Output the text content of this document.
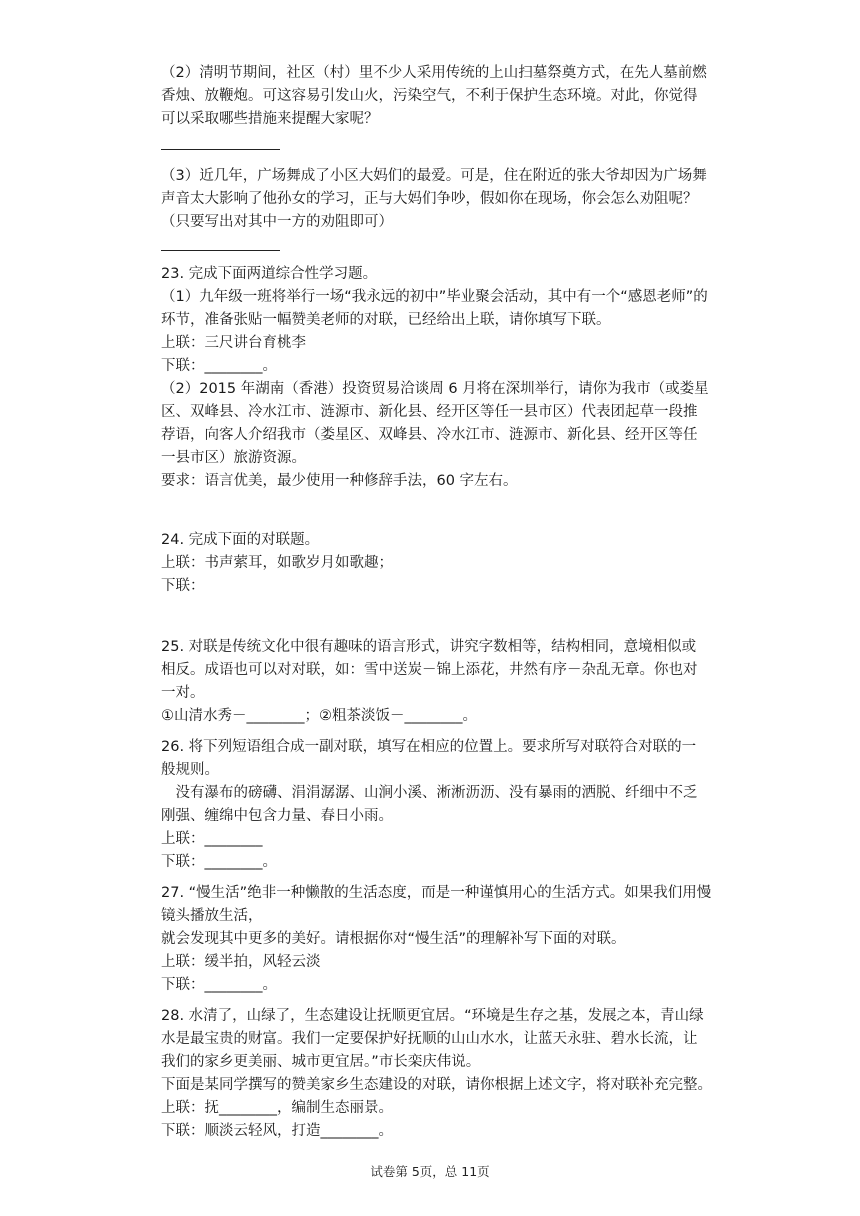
（2）清明节期间，社区（村）里不少人采用传统的上山扫墓祭奠方式，在先人墓前燃
香烛、放鞭炮。可这容易引发山火，污染空气，不利于保护生态环境。对此，你觉得
可以采取哪些措施来提醒大家呢？
（3）近几年，广场舞成了小区大妈们的最爱。可是，住在附近的张大爷却因为广场舞
声音太大影响了他孙女的学习，正与大妈们争吵，假如你在现场，你会怎么劝阻呢？
（只要写出对其中一方的劝阻即可）
23. 完成下面两道综合性学习题。
（1）九年级一班将举行一场“我永远的初中”毕业聚会活动，其中有一个“感恩老师”的
环节，准备张贴一幅赞美老师的对联，已经给出上联，请你填写下联。
上联：三尺讲台育桃李
下联：________。
（2）2015 年湖南（香港）投资贸易洽谈周 6 月将在深圳举行，请你为我市（或娄星
区、双峰县、冷水江市、涟源市、新化县、经开区等任一县市区）代表团起草一段推
荐语，向客人介绍我市（娄星区、双峰县、冷水江市、涟源市、新化县、经开区等任
一县市区）旅游资源。
要求：语言优美，最少使用一种修辞手法，60 字左右。
24. 完成下面的对联题。
上联：书声萦耳，如歌岁月如歌趣；
下联：
25. 对联是传统文化中很有趣味的语言形式，讲究字数相等，结构相同，意境相似或
相反。成语也可以对对联，如：雪中送炭－锦上添花，井然有序－杂乱无章。你也对
一对。
①山清水秀－________；②粗茶淡饭－________。
26. 将下列短语组合成一副对联，填写在相应的位置上。要求所写对联符合对联的一
般规则。
　没有瀑布的磅礴、涓涓潺潺、山涧小溪、淅淅沥沥、没有暴雨的洒脱、纤细中不乏
刚强、缠绵中包含力量、春日小雨。
上联：________
下联：________。
27. “慢生活”绝非一种懒散的生活态度，而是一种谨慎用心的生活方式。如果我们用慢
镜头播放生活，
就会发现其中更多的美好。请根据你对“慢生活”的理解补写下面的对联。
上联：缓半拍，风轻云淡
下联：________。
28. 水清了，山绿了，生态建设让抚顺更宜居。“环境是生存之基，发展之本，青山绿
水是最宝贵的财富。我们一定要保护好抚顺的山山水水，让蓝天永驻、碧水长流，让
我们的家乡更美丽、城市更宜居。”市长栾庆伟说。
下面是某同学撰写的赞美家乡生态建设的对联，请你根据上述文字，将对联补充完整。
上联：抚________，编制生态丽景。
下联：顺淡云轻风，打造________。
试卷第 5页，总 11页
